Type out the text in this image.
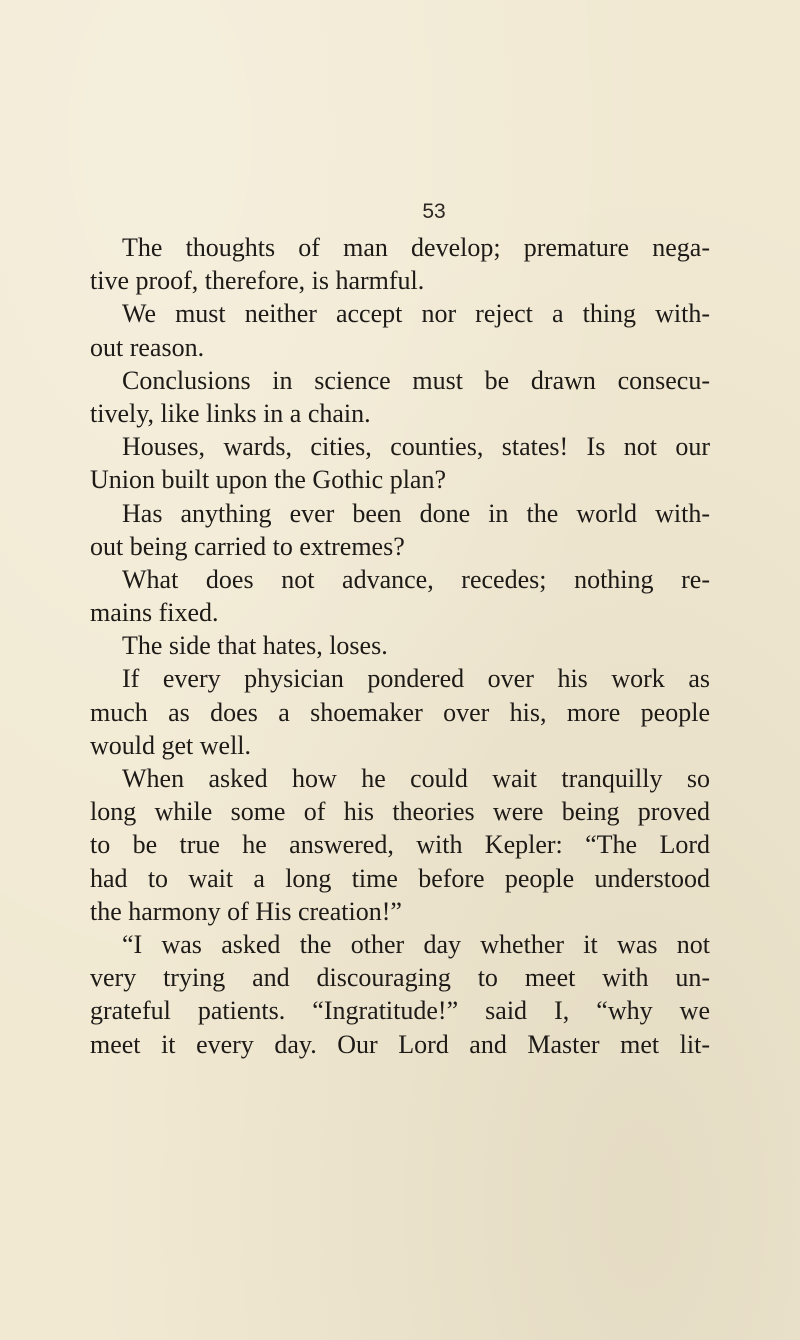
53
The thoughts of man develop; premature nega-
tive proof, therefore, is harmful.
We must neither accept nor reject a thing with-
out reason.
Conclusions in science must be drawn consecu-
tively, like links in a chain.
Houses, wards, cities, counties, states! Is not our
Union built upon the Gothic plan?
Has anything ever been done in the world with-
out being carried to extremes?
What does not advance, recedes; nothing re-
mains fixed.
The side that hates, loses.
If every physician pondered over his work as
much as does a shoemaker over his, more people
would get well.
When asked how he could wait tranquilly so
long while some of his theories were being proved
to be true he answered, with Kepler: “The Lord
had to wait a long time before people understood
the harmony of His creation!”
“I was asked the other day whether it was not
very trying and discouraging to meet with un-
grateful patients. “Ingratitude!” said I, “why we
meet it every day. Our Lord and Master met lit-
